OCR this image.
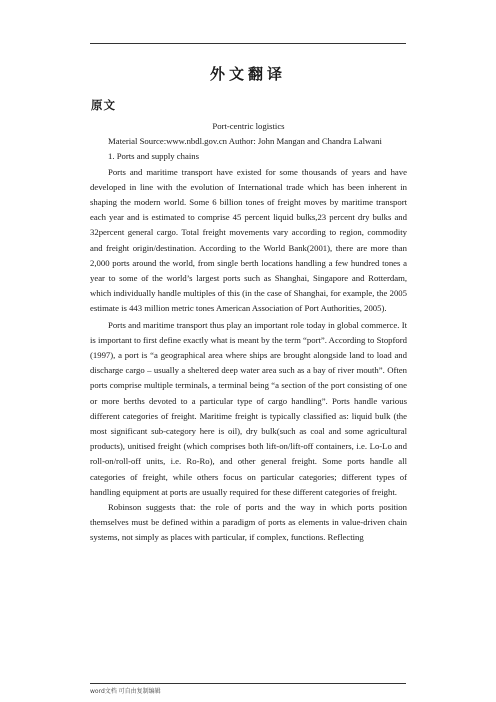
外文翻译
原文

Port-centric logistics

Material Source:www.nbdl.gov.cn Author: John Mangan and Chandra Lalwani

1. Ports and supply chains

Ports and maritime transport have existed for some thousands of years and have developed in line with the evolution of International trade which has been inherent in shaping the modern world. Some 6 billion tones of freight moves by maritime transport each year and is estimated to comprise 45 percent liquid bulks,23 percent dry bulks and 32percent general cargo. Total freight movements vary according to region, commodity and freight origin/destination. According to the World Bank(2001), there are more than 2,000 ports around the world, from single berth locations handling a few hundred tones a year to some of the world’s largest ports such as Shanghai, Singapore and Rotterdam, which individually handle multiples of this (in the case of Shanghai, for example, the 2005 estimate is 443 million metric tones American Association of Port Authorities, 2005).

Ports and maritime transport thus play an important role today in global commerce. It is important to first define exactly what is meant by the term “port”. According to Stopford (1997), a port is “a geographical area where ships are brought alongside land to load and discharge cargo – usually a sheltered deep water area such as a bay of river mouth”. Often ports comprise multiple terminals, a terminal being “a section of the port consisting of one or more berths devoted to a particular type of cargo handling”. Ports handle various different categories of freight. Maritime freight is typically classified as: liquid bulk (the most significant sub-category here is oil), dry bulk(such as coal and some agricultural products), unitised freight (which comprises both lift-on/lift-off containers, i.e. Lo-Lo and roll-on/roll-off units, i.e. Ro-Ro), and other general freight. Some ports handle all categories of freight, while others focus on particular categories; different types of handling equipment at ports are usually required for these different categories of freight.

Robinson suggests that: the role of ports and the way in which ports position themselves must be defined within a paradigm of ports as elements in value-driven chain systems, not simply as places with particular, if complex, functions. Reflecting

word文档 可自由复制编辑
